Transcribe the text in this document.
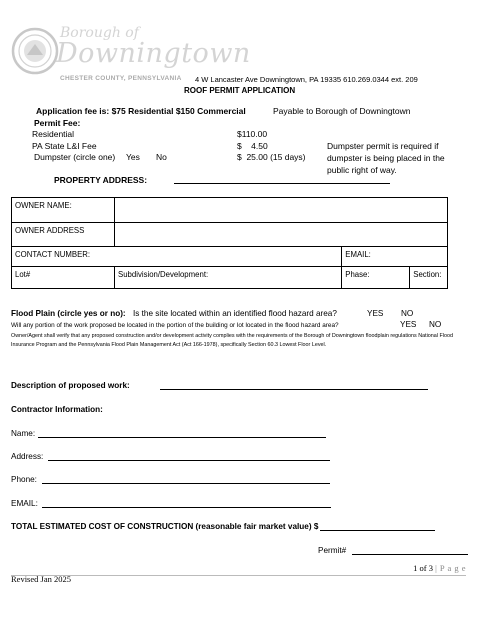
Borough of
Downingtown
CHESTER COUNTY, PENNSYLVANIA 4 W Lancaster Ave Downingtown, PA 19335 610.269.0344 ext. 209
ROOF PERMIT APPLICATION
Application fee is: $75 Residential $150 Commercial	Payable to Borough of Downingtown
Permit Fee:
Residential	$110.00
PA State L&I Fee	$    4.50
Dumpster (circle one) Yes No	$  25.00 (15 days)
Dumpster permit is required if dumpster is being placed in the public right of way.
PROPERTY ADDRESS:
OWNER NAME:			
OWNER ADDRESS			
CONTACT NUMBER:		EMAIL:	
Lot#	Subdivision/Development:	Phase:	Section:
Flood Plain (circle yes or no): Is the site located within an identified flood hazard area?	YES NO
Will any portion of the work proposed be located in the portion of the building or lot located in the flood hazard area?	YES NO
Owner/Agent shall verify that any proposed construction and/or development activity complies with the requirements of the Borough of Downingtown floodplain regulations National Flood Insurance Program and the Pennsylvania Flood Plain Management Act (Act 166-1978), specifically Section 60.3 Lowest Floor Level.
Description of proposed work:
Contractor Information:
Name:
Address:
Phone:
EMAIL:
TOTAL ESTIMATED COST OF CONSTRUCTION (reasonable fair market value) $
Permit#
1 of 3 | P a g e
Revised Jan 2025
